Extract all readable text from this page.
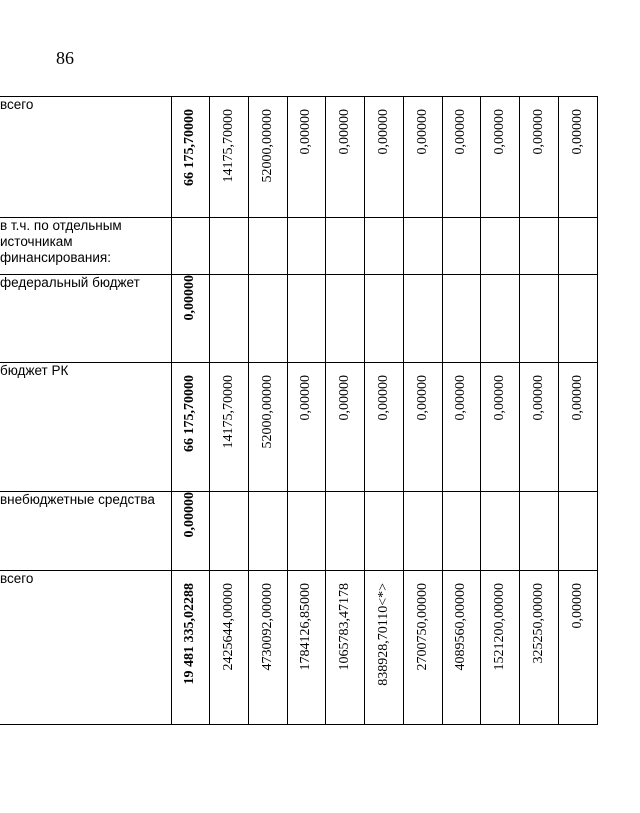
86
всего	66 175,70000	14175,70000	52000,00000	0,00000	0,00000	0,00000	0,00000	0,00000	0,00000	0,00000	0,00000

в т.ч. по отдельным источникам финансирования:											
федеральный бюджет	0,00000										
бюджет РК	66 175,70000	14175,70000	52000,00000	0,00000	0,00000	0,00000	0,00000	0,00000	0,00000	0,00000	0,00000

внебюджетные средства	0,00000										
всего	19 481 335,02288	2425644,00000	4730092,00000	1784126,85000	1065783,47178	838928,70110<*>	2700750,00000	4089560,00000	1521200,00000	325250,00000	0,00000
